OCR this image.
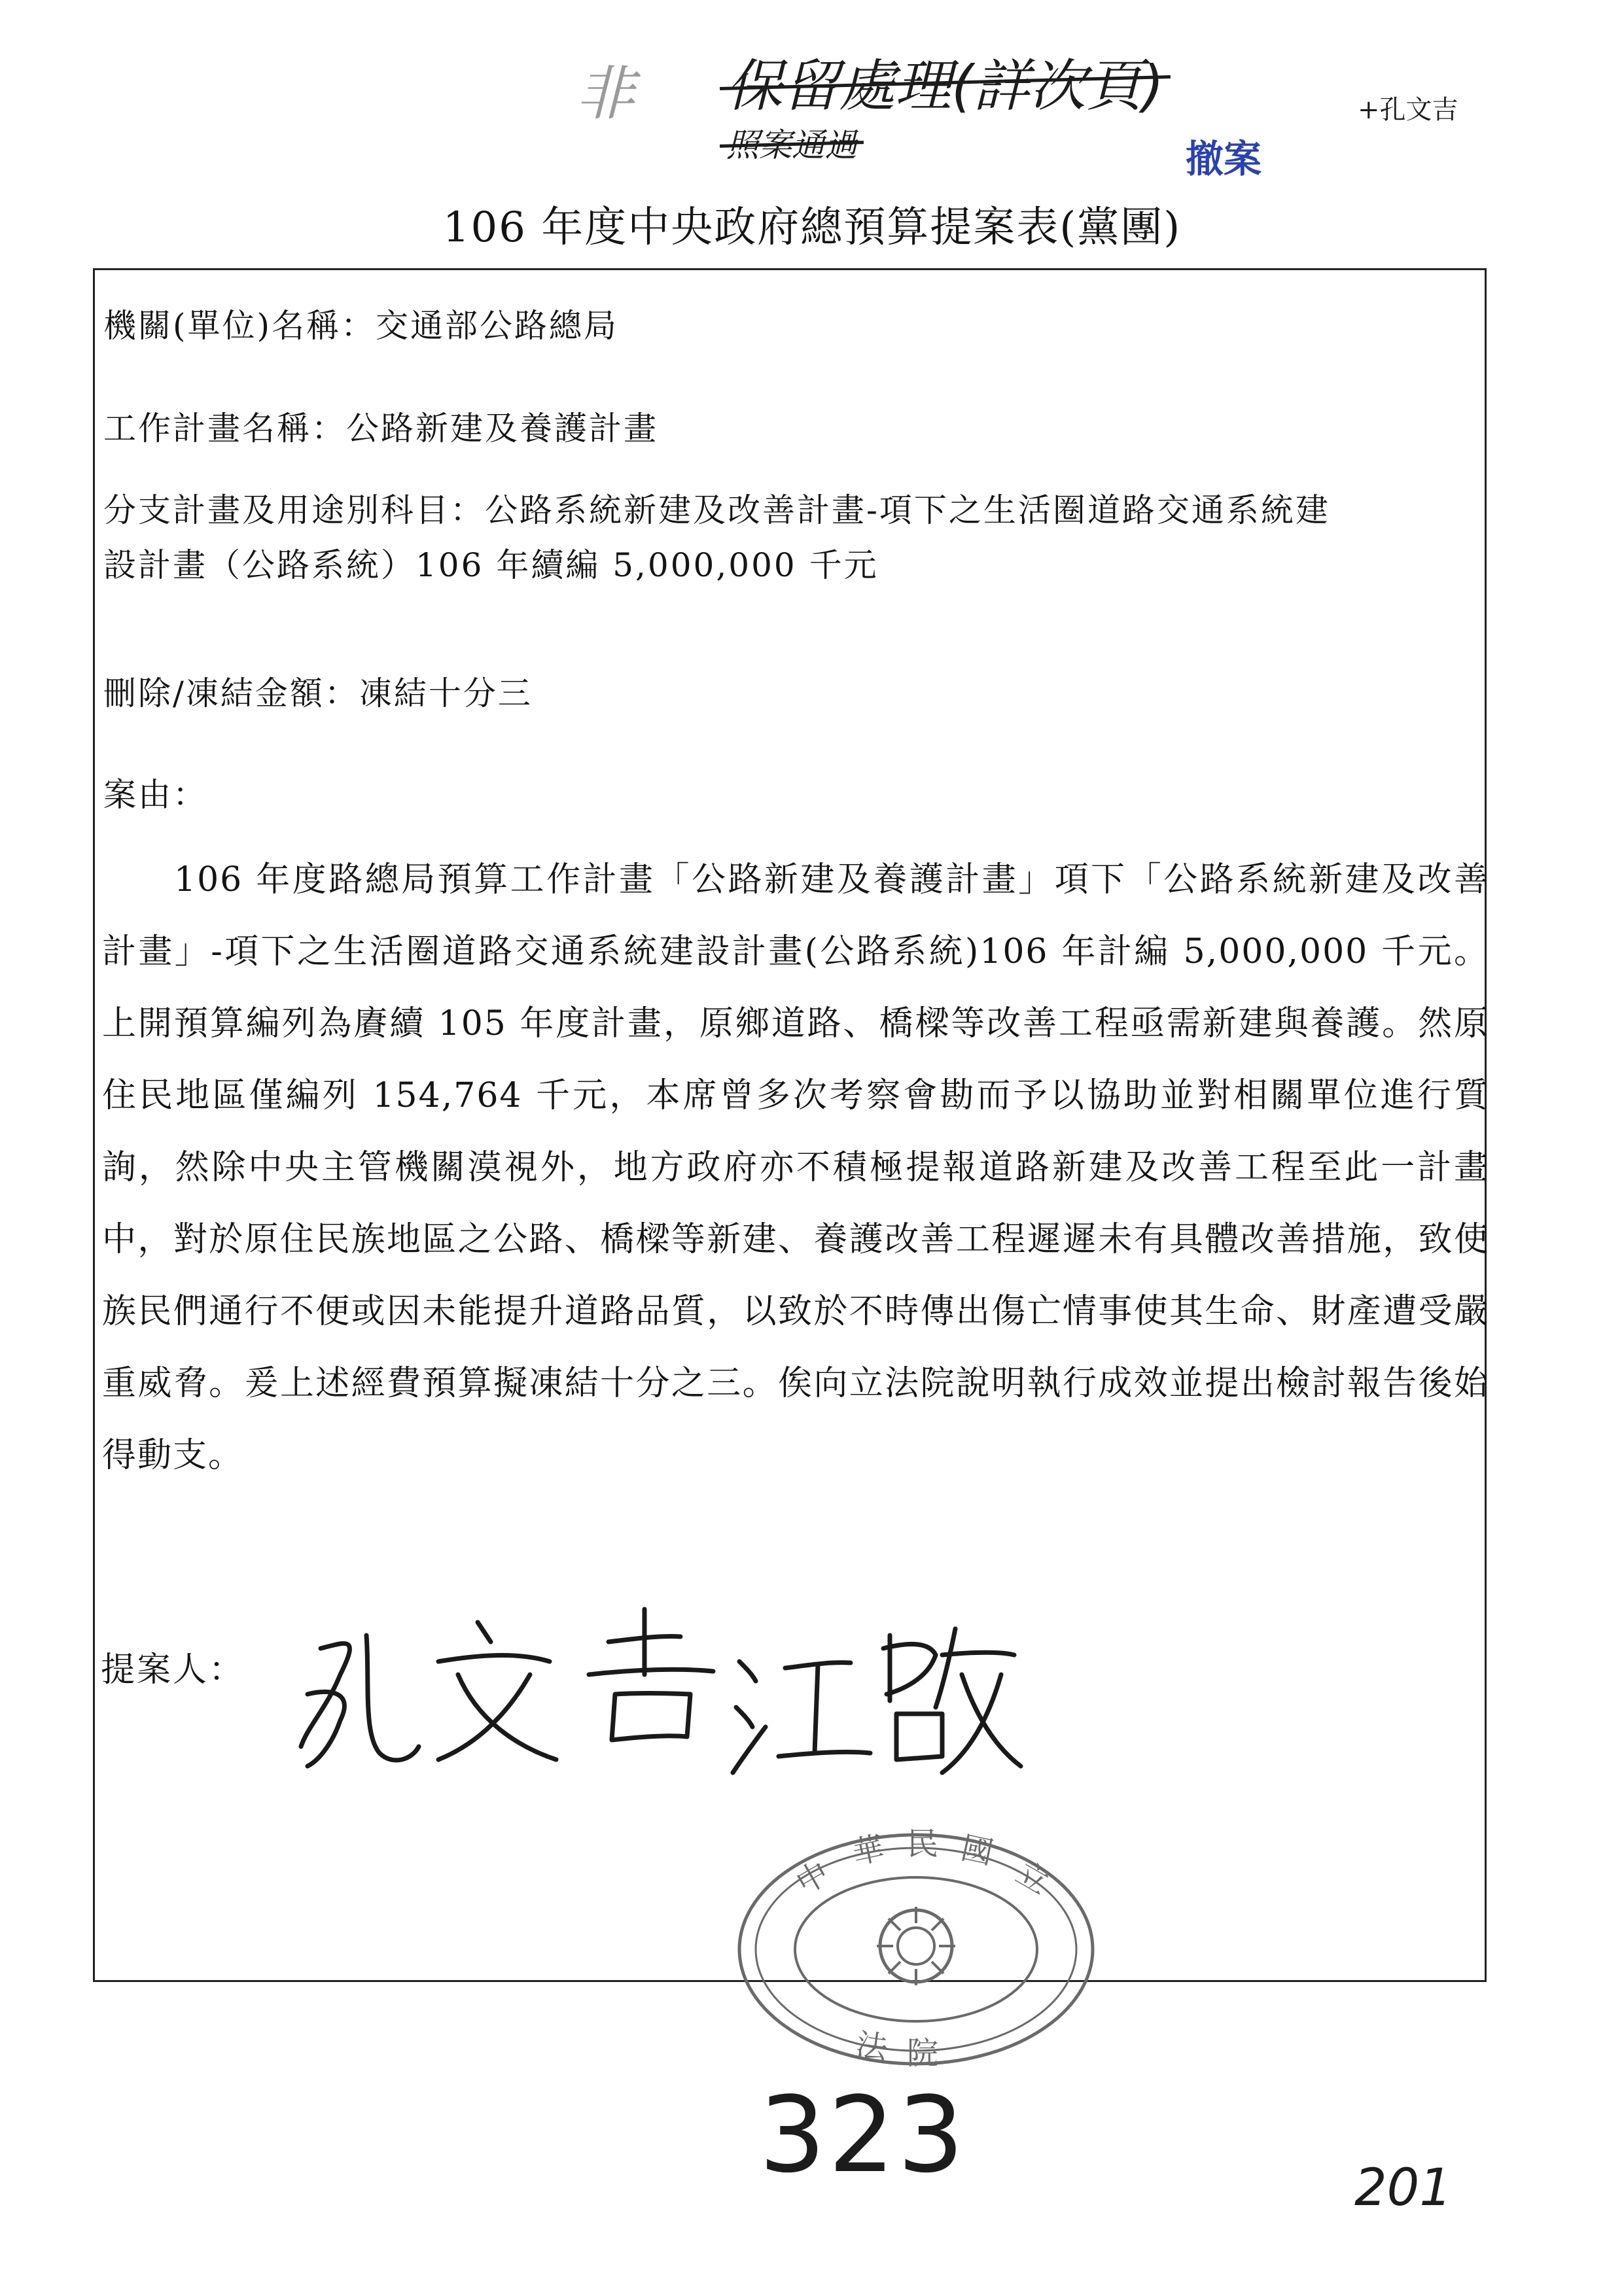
非 保留處理(詳次頁)
照案通過	撤案
+孔文吉
106 年度中央政府總預算提案表(黨團)
機關(單位)名稱：交通部公路總局
工作計畫名稱：公路新建及養護計畫
分支計畫及用途別科目：公路系統新建及改善計畫-項下之生活圈道路交通系統建
設計畫（公路系統）106 年續編 5,000,000 千元
刪除/凍結金額：凍結十分三
案由：
106 年度路總局預算工作計畫「公路新建及養護計畫」項下「公路系統新建及改善計畫」-項下之生活圈道路交通系統建設計畫(公路系統)106 年計編 5,000,000 千元。上開預算編列為賡續 105 年度計畫，原鄉道路、橋樑等改善工程亟需新建與養護。然原住民地區僅編列 154,764 千元，本席曾多次考察會勘而予以協助並對相關單位進行質詢，然除中央主管機關漠視外，地方政府亦不積極提報道路新建及改善工程至此一計畫中，對於原住民族地區之公路、橋樑等新建、養護改善工程遲遲未有具體改善措施，致使族民們通行不便或因未能提升道路品質，以致於不時傳出傷亡情事使其生命、財產遭受嚴重威脅。爰上述經費預算擬凍結十分之三。俟向立法院說明執行成效並提出檢討報告後始得動支。
提案人：
中
華 民 國
立
法 院
323	201
